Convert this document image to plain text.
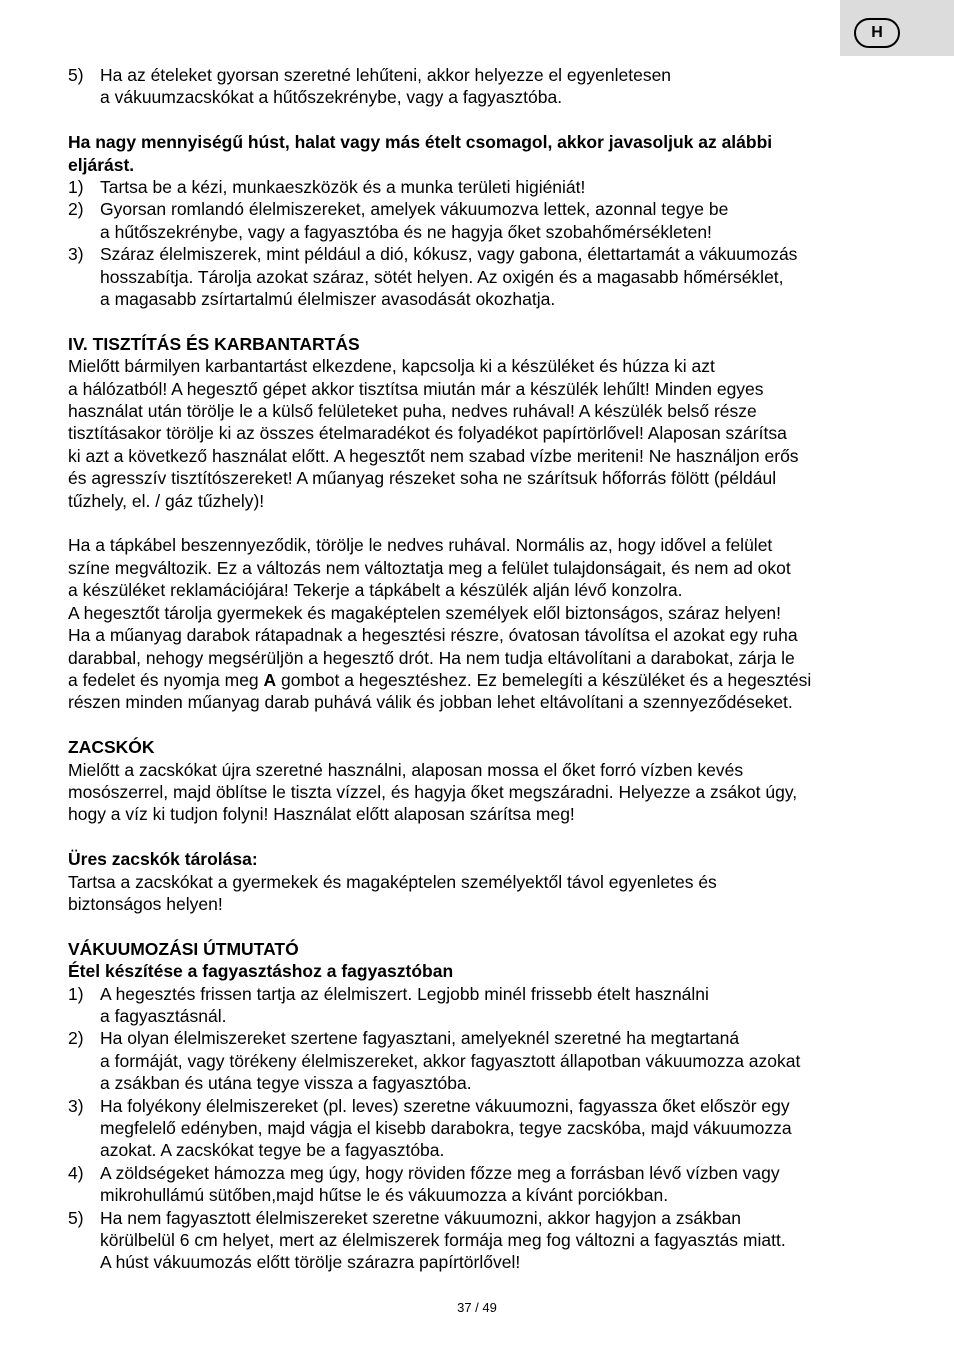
H
5) Ha az ételeket gyorsan szeretné lehűteni, akkor helyezze el egyenletesen
a vákuumzacskókat a hűtőszekrénybe, vagy a fagyasztóba.

Ha nagy mennyiségű húst, halat vagy más ételt csomagol, akkor javasoljuk az alábbi
eljárást.

1) Tartsa be a kézi, munkaeszközök és a munka területi higiéniát!
2) Gyorsan romlandó élelmiszereket, amelyek vákuumozva lettek, azonnal tegye be
a hűtőszekrénybe, vagy a fagyasztóba és ne hagyja őket szobahőmérsékleten!
3) Száraz élelmiszerek, mint például a dió, kókusz, vagy gabona, élettartamát a vákuumozás
hosszabítja. Tárolja azokat száraz, sötét helyen. Az oxigén és a magasabb hőmérséklet,
a magasabb zsírtartalmú élelmiszer avasodását okozhatja.

IV. TISZTÍTÁS ÉS KARBANTARTÁS

Mielőtt bármilyen karbantartást elkezdene, kapcsolja ki a készüléket és húzza ki azt
a hálózatból! A hegesztő gépet akkor tisztítsa miután már a készülék lehűlt! Minden egyes
használat után törölje le a külső felületeket puha, nedves ruhával! A készülék belső része
tisztításakor törölje ki az összes ételmaradékot és folyadékot papírtörlővel! Alaposan szárítsa
ki azt a következő használat előtt. A hegesztőt nem szabad vízbe meriteni! Ne használjon erős
és agresszív tisztítószereket! A műanyag részeket soha ne szárítsuk hőforrás fölött (például
tűzhely, el. / gáz tűzhely)!

Ha a tápkábel beszennyeződik, törölje le nedves ruhával. Normális az, hogy idővel a felület
színe megváltozik. Ez a változás nem változtatja meg a felület tulajdonságait, és nem ad okot
a készüléket reklamációjára! Tekerje a tápkábelt a készülék alján lévő konzolra.
A hegesztőt tárolja gyermekek és magaképtelen személyek elől biztonságos, száraz helyen!
Ha a műanyag darabok rátapadnak a hegesztési részre, óvatosan távolítsa el azokat egy ruha
darabbal, nehogy megsérüljön a hegesztő drót. Ha nem tudja eltávolítani a darabokat, zárja le
a fedelet és nyomja meg A gombot a hegesztéshez. Ez bemelegíti a készüléket és a hegesztési
részen minden műanyag darab puhává válik és jobban lehet eltávolítani a szennyeződéseket.

ZACSKÓK

Mielőtt a zacskókat újra szeretné használni, alaposan mossa el őket forró vízben kevés
mosószerrel, majd öblítse le tiszta vízzel, és hagyja őket megszáradni. Helyezze a zsákot úgy,
hogy a víz ki tudjon folyni! Használat előtt alaposan szárítsa meg!

Üres zacskók tárolása:

Tartsa a zacskókat a gyermekek és magaképtelen személyektől távol egyenletes és
biztonságos helyen!

VÁKUUMOZÁSI ÚTMUTATÓ

Étel készítése a fagyasztáshoz a fagyasztóban

1) A hegesztés frissen tartja az élelmiszert. Legjobb minél frissebb ételt használni
a fagyasztásnál.
2) Ha olyan élelmiszereket szertene fagyasztani, amelyeknél szeretné ha megtartaná
a formáját, vagy törékeny élelmiszereket, akkor fagyasztott állapotban vákuumozza azokat
a zsákban és utána tegye vissza a fagyasztóba.
3) Ha folyékony élelmiszereket (pl. leves) szeretne vákuumozni, fagyassza őket először egy
megfelelő edényben, majd vágja el kisebb darabokra, tegye zacskóba, majd vákuumozza
azokat. A zacskókat tegye be a fagyasztóba.
4) A zöldségeket hámozza meg úgy, hogy röviden főzze meg a forrásban lévő vízben vagy
mikrohullámú sütőben,majd hűtse le és vákuumozza a kívánt porciókban.
5) Ha nem fagyasztott élelmiszereket szeretne vákuumozni, akkor hagyjon a zsákban
körülbelül 6 cm helyet, mert az élelmiszerek formája meg fog változni a fagyasztás miatt.
A húst vákuumozás előtt törölje szárazra papírtörlővel!
37 / 49
